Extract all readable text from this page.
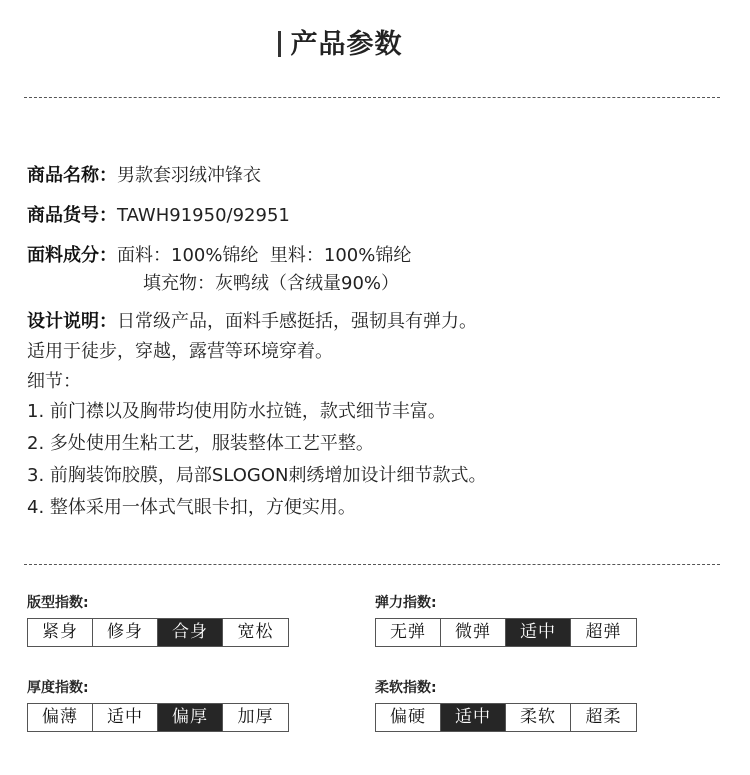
产品参数
商品名称：男款套羽绒冲锋衣
商品货号：TAWH91950/92951
面料成分：面料：100%锦纶  里料：100%锦纶
填充物：灰鸭绒（含绒量90%）
设计说明：日常级产品，面料手感挺括，强韧具有弹力。
适用于徒步，穿越，露营等环境穿着。
细节：
1. 前门襟以及胸带均使用防水拉链，款式细节丰富。
2. 多处使用生粘工艺，服装整体工艺平整。
3. 前胸装饰胶膜，局部SLOGON刺绣增加设计细节款式。
4. 整体采用一体式气眼卡扣，方便实用。
版型指数:
紧身	修身	合身	宽松
弹力指数:
无弹	微弹	适中	超弹
厚度指数:
偏薄	适中	偏厚	加厚
柔软指数:
偏硬	适中	柔软	超柔
